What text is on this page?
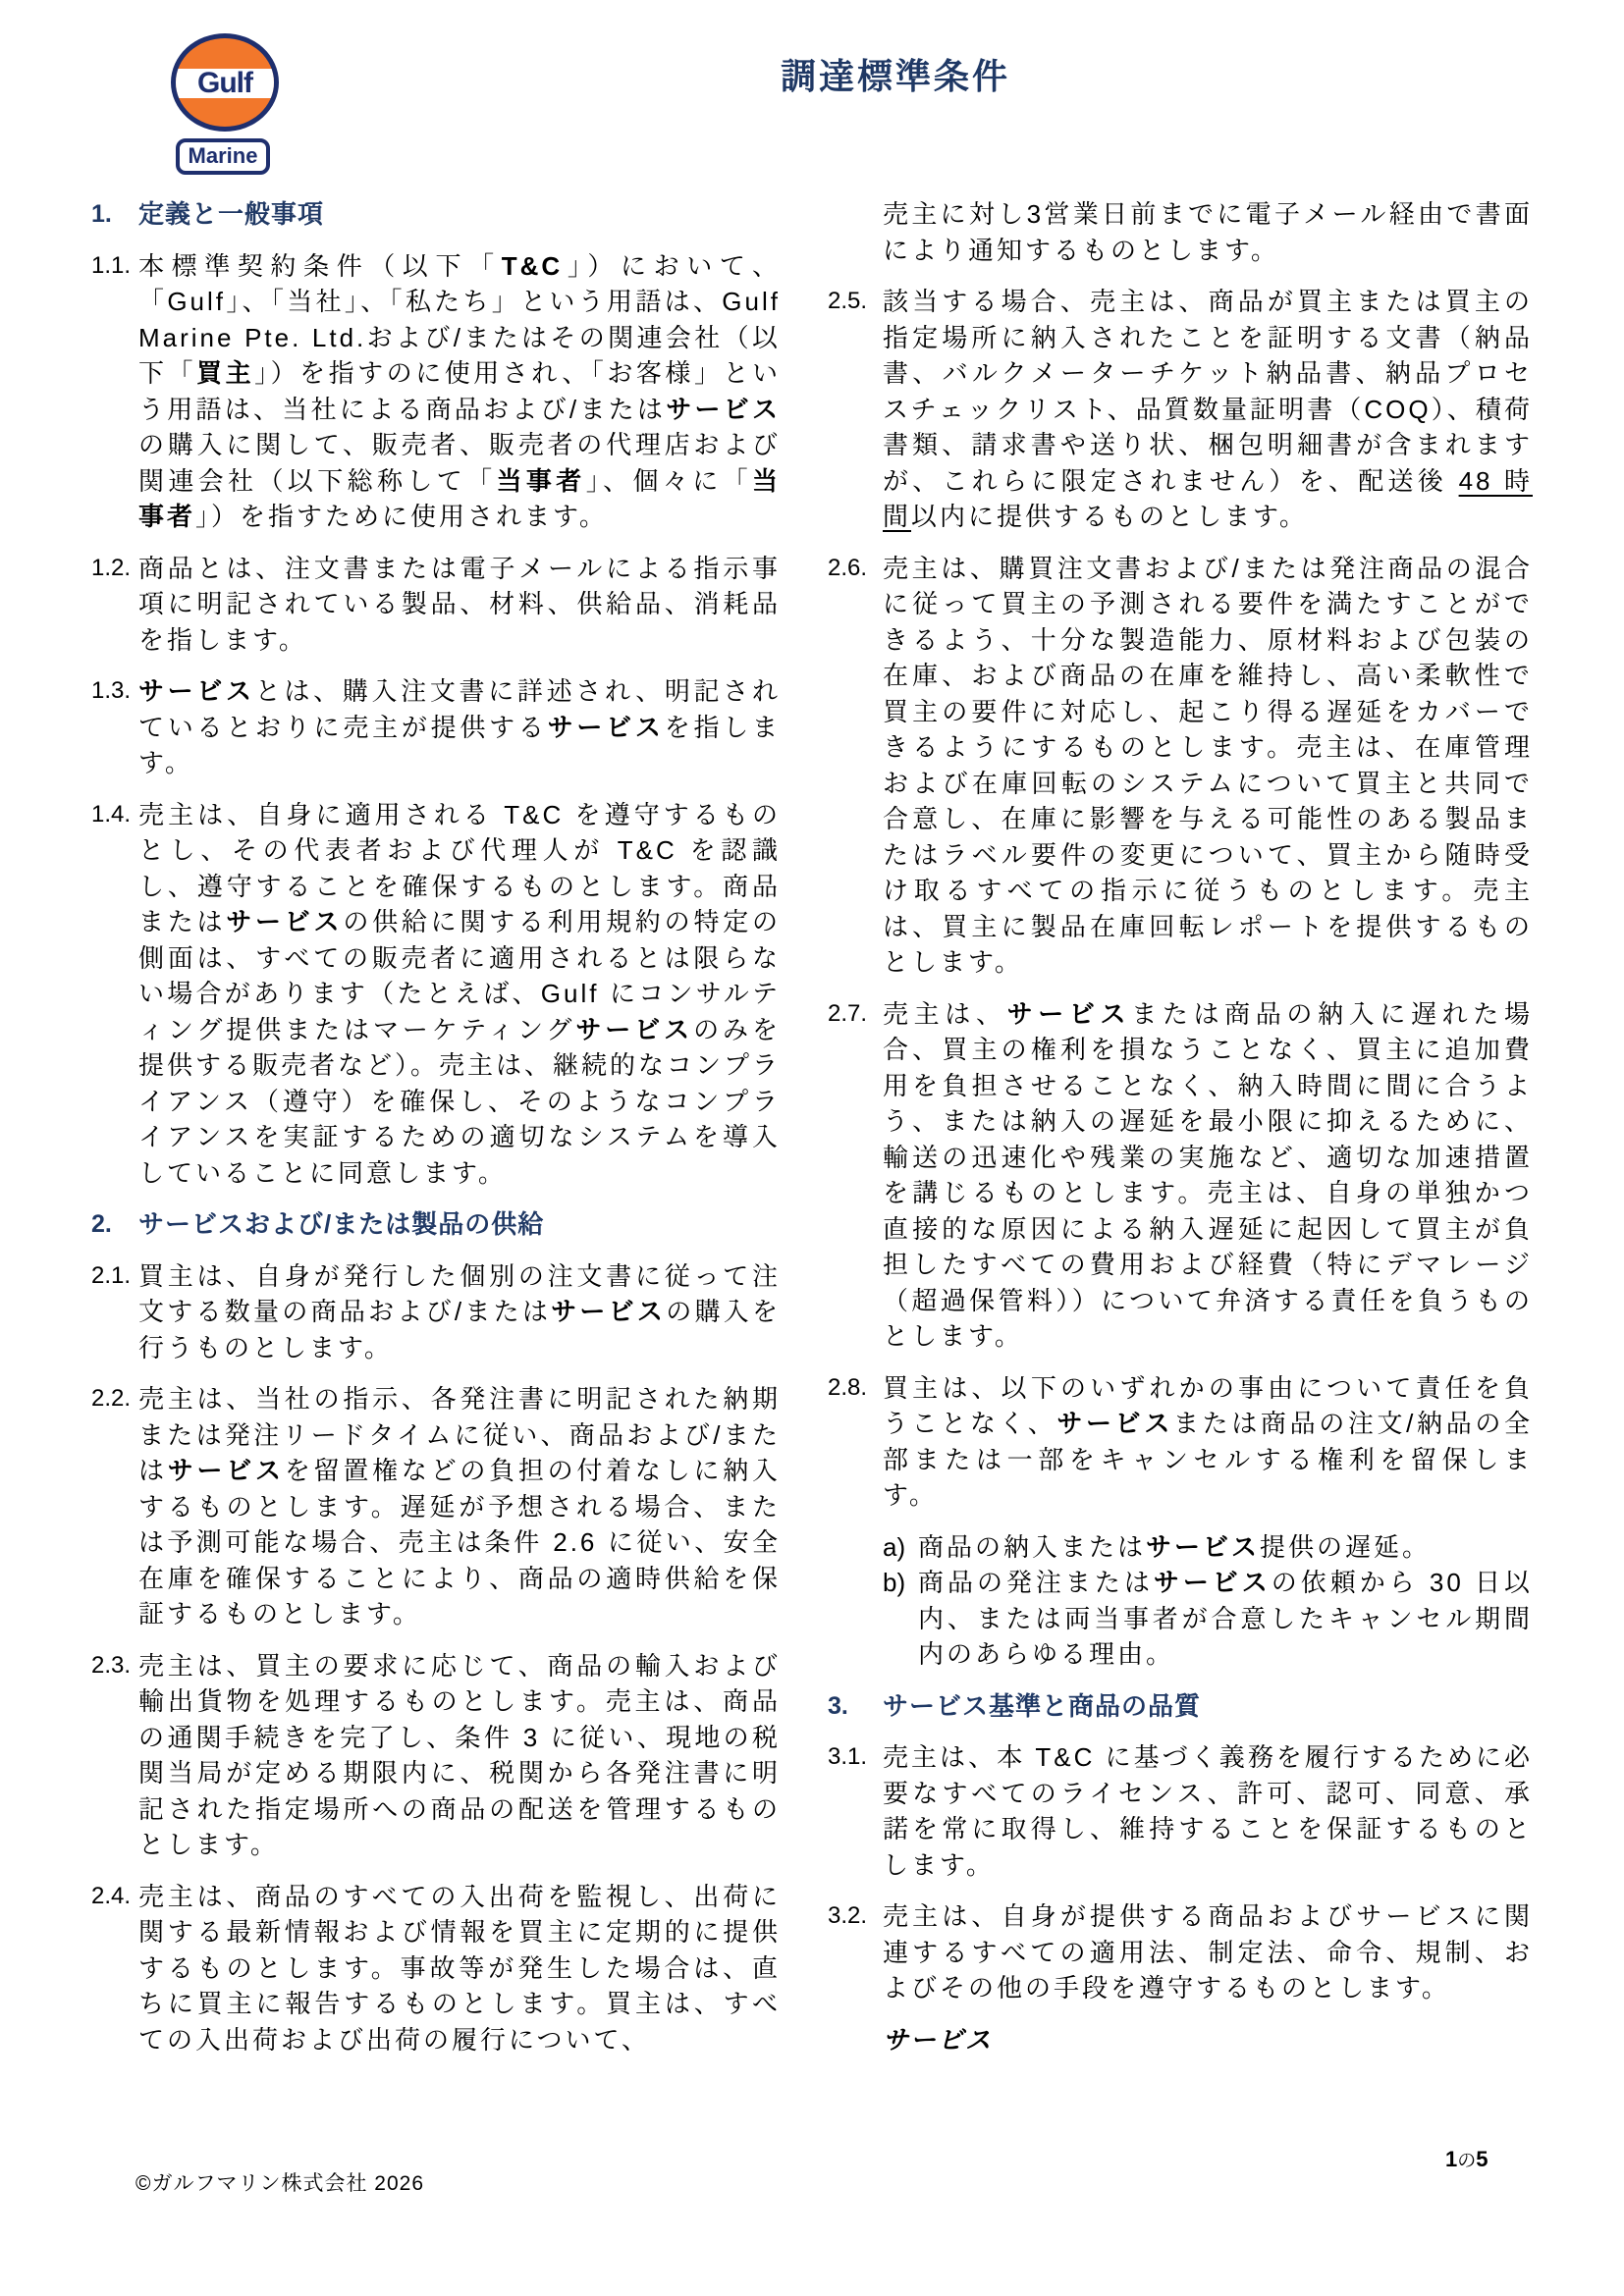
Gulf
Marine
調達標準条件
1. 定義と一般事項
1.1. 本標準契約条件（以下「T&C」）において、「Gulf」、「当社」、「私たち」という用語は、Gulf Marine Pte. Ltd.および/またはその関連会社（以下「買主」）を指すのに使用され、「お客様」という用語は、当社による商品および/またはサービスの購入に関して、販売者、販売者の代理店および関連会社（以下総称して「当事者」、個々に「当事者」）を指すために使用されます。
1.2. 商品とは、注文書または電子メールによる指示事項に明記されている製品、材料、供給品、消耗品を指します。
1.3. サービスとは、購入注文書に詳述され、明記されているとおりに売主が提供するサービスを指します。
1.4. 売主は、自身に適用される T&C を遵守するものとし、その代表者および代理人が T&C を認識し、遵守することを確保するものとします。商品またはサービスの供給に関する利用規約の特定の側面は、すべての販売者に適用されるとは限らない場合があります（たとえば、Gulf にコンサルティング提供またはマーケティングサービスのみを提供する販売者など）。売主は、継続的なコンプライアンス（遵守）を確保し、そのようなコンプライアンスを実証するための適切なシステムを導入していることに同意します。
2. サービスおよび/または製品の供給
2.1. 買主は、自身が発行した個別の注文書に従って注文する数量の商品および/またはサービスの購入を行うものとします。
2.2. 売主は、当社の指示、各発注書に明記された納期または発注リードタイムに従い、商品および/またはサービスを留置権などの負担の付着なしに納入するものとします。遅延が予想される場合、または予測可能な場合、売主は条件 2.6 に従い、安全在庫を確保することにより、商品の適時供給を保証するものとします。
2.3. 売主は、買主の要求に応じて、商品の輸入および輸出貨物を処理するものとします。売主は、商品の通関手続きを完了し、条件 3 に従い、現地の税関当局が定める期限内に、税関から各発注書に明記された指定場所への商品の配送を管理するものとします。
2.4. 売主は、商品のすべての入出荷を監視し、出荷に関する最新情報および情報を買主に定期的に提供するものとします。事故等が発生した場合は、直ちに買主に報告するものとします。買主は、すべての入出荷および出荷の履行について、
売主に対し3営業日前までに電子メール経由で書面により通知するものとします。
2.5. 該当する場合、売主は、商品が買主または買主の指定場所に納入されたことを証明する文書（納品書、バルクメーターチケット納品書、納品プロセスチェックリスト、品質数量証明書（COQ）、積荷書類、請求書や送り状、梱包明細書が含まれますが、これらに限定されません）を、配送後 48 時間以内に提供するものとします。
2.6. 売主は、購買注文書および/または発注商品の混合に従って買主の予測される要件を満たすことができるよう、十分な製造能力、原材料および包装の在庫、および商品の在庫を維持し、高い柔軟性で買主の要件に対応し、起こり得る遅延をカバーできるようにするものとします。売主は、在庫管理および在庫回転のシステムについて買主と共同で合意し、在庫に影響を与える可能性のある製品またはラベル要件の変更について、買主から随時受け取るすべての指示に従うものとします。売主は、買主に製品在庫回転レポートを提供するものとします。
2.7. 売主は、サービスまたは商品の納入に遅れた場合、買主の権利を損なうことなく、買主に追加費用を負担させることなく、納入時間に間に合うよう、または納入の遅延を最小限に抑えるために、輸送の迅速化や残業の実施など、適切な加速措置を講じるものとします。売主は、自身の単独かつ直接的な原因による納入遅延に起因して買主が負担したすべての費用および経費（特にデマレージ（超過保管料））について弁済する責任を負うものとします。
2.8. 買主は、以下のいずれかの事由について責任を負うことなく、サービスまたは商品の注文/納品の全部または一部をキャンセルする権利を留保します。
a) 商品の納入またはサービス提供の遅延。
b) 商品の発注またはサービスの依頼から 30 日以内、または両当事者が合意したキャンセル期間内のあらゆる理由。
3. サービス基準と商品の品質
3.1. 売主は、本 T&C に基づく義務を履行するために必要なすべてのライセンス、許可、認可、同意、承諾を常に取得し、維持することを保証するものとします。
3.2. 売主は、自身が提供する商品およびサービスに関連するすべての適用法、制定法、命令、規制、およびその他の手段を遵守するものとします。
サービス
©ガルフマリン株式会社 2026
1の5
